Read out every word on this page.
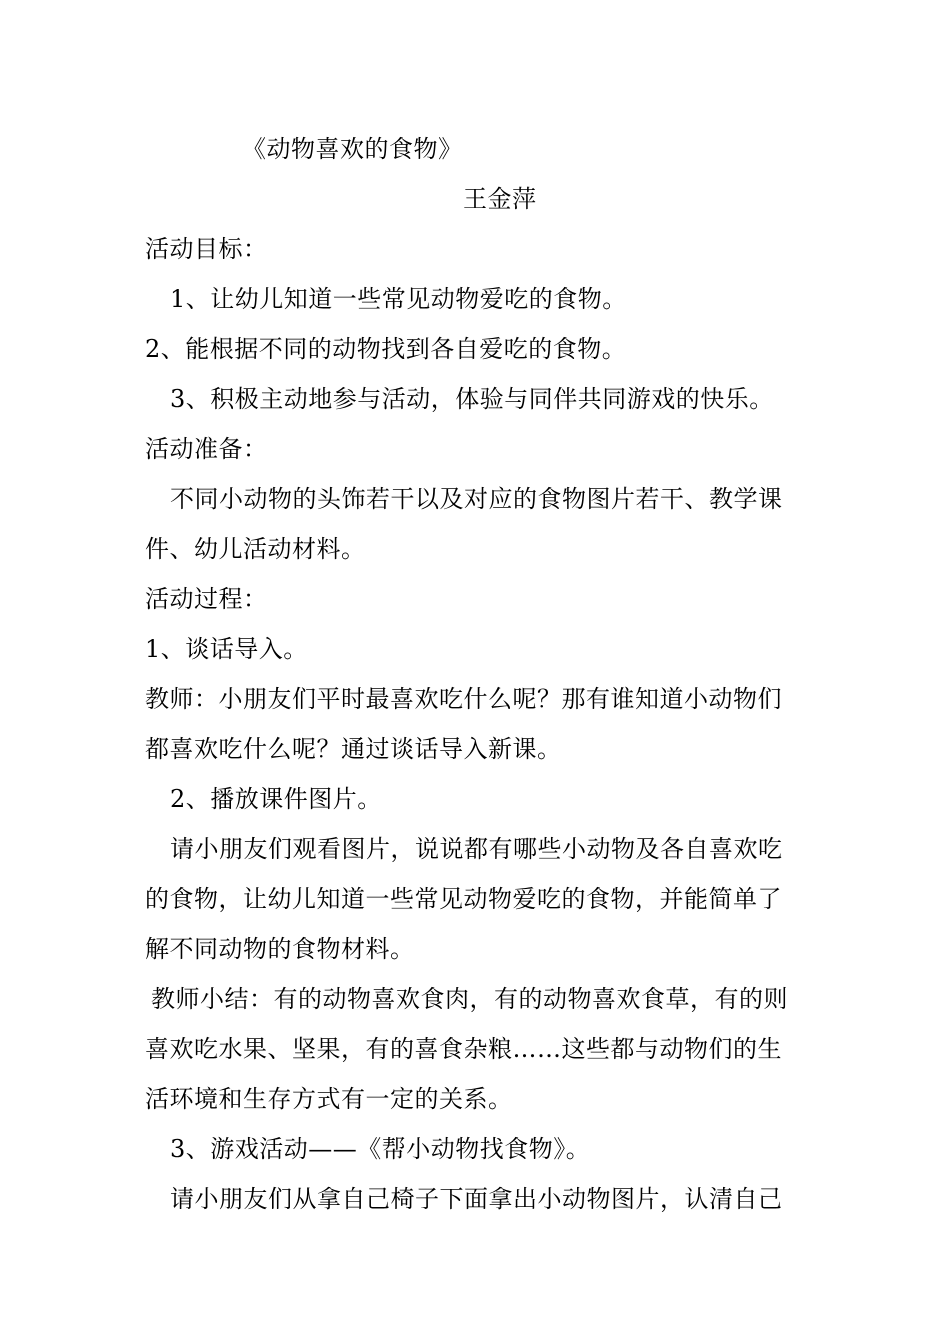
《动物喜欢的食物》
王金萍
活动目标：
1、让幼儿知道一些常见动物爱吃的食物。
2、能根据不同的动物找到各自爱吃的食物。
3、积极主动地参与活动，体验与同伴共同游戏的快乐。
活动准备：
不同小动物的头饰若干以及对应的食物图片若干、教学课
件、幼儿活动材料。
活动过程：
1、谈话导入。
教师：小朋友们平时最喜欢吃什么呢？那有谁知道小动物们
都喜欢吃什么呢？通过谈话导入新课。
2、播放课件图片。
请小朋友们观看图片，说说都有哪些小动物及各自喜欢吃
的食物，让幼儿知道一些常见动物爱吃的食物，并能简单了
解不同动物的食物材料。
教师小结：有的动物喜欢食肉，有的动物喜欢食草，有的则
喜欢吃水果、坚果，有的喜食杂粮……这些都与动物们的生
活环境和生存方式有一定的关系。
3、游戏活动——《帮小动物找食物》。
请小朋友们从拿自己椅子下面拿出小动物图片，认清自己
